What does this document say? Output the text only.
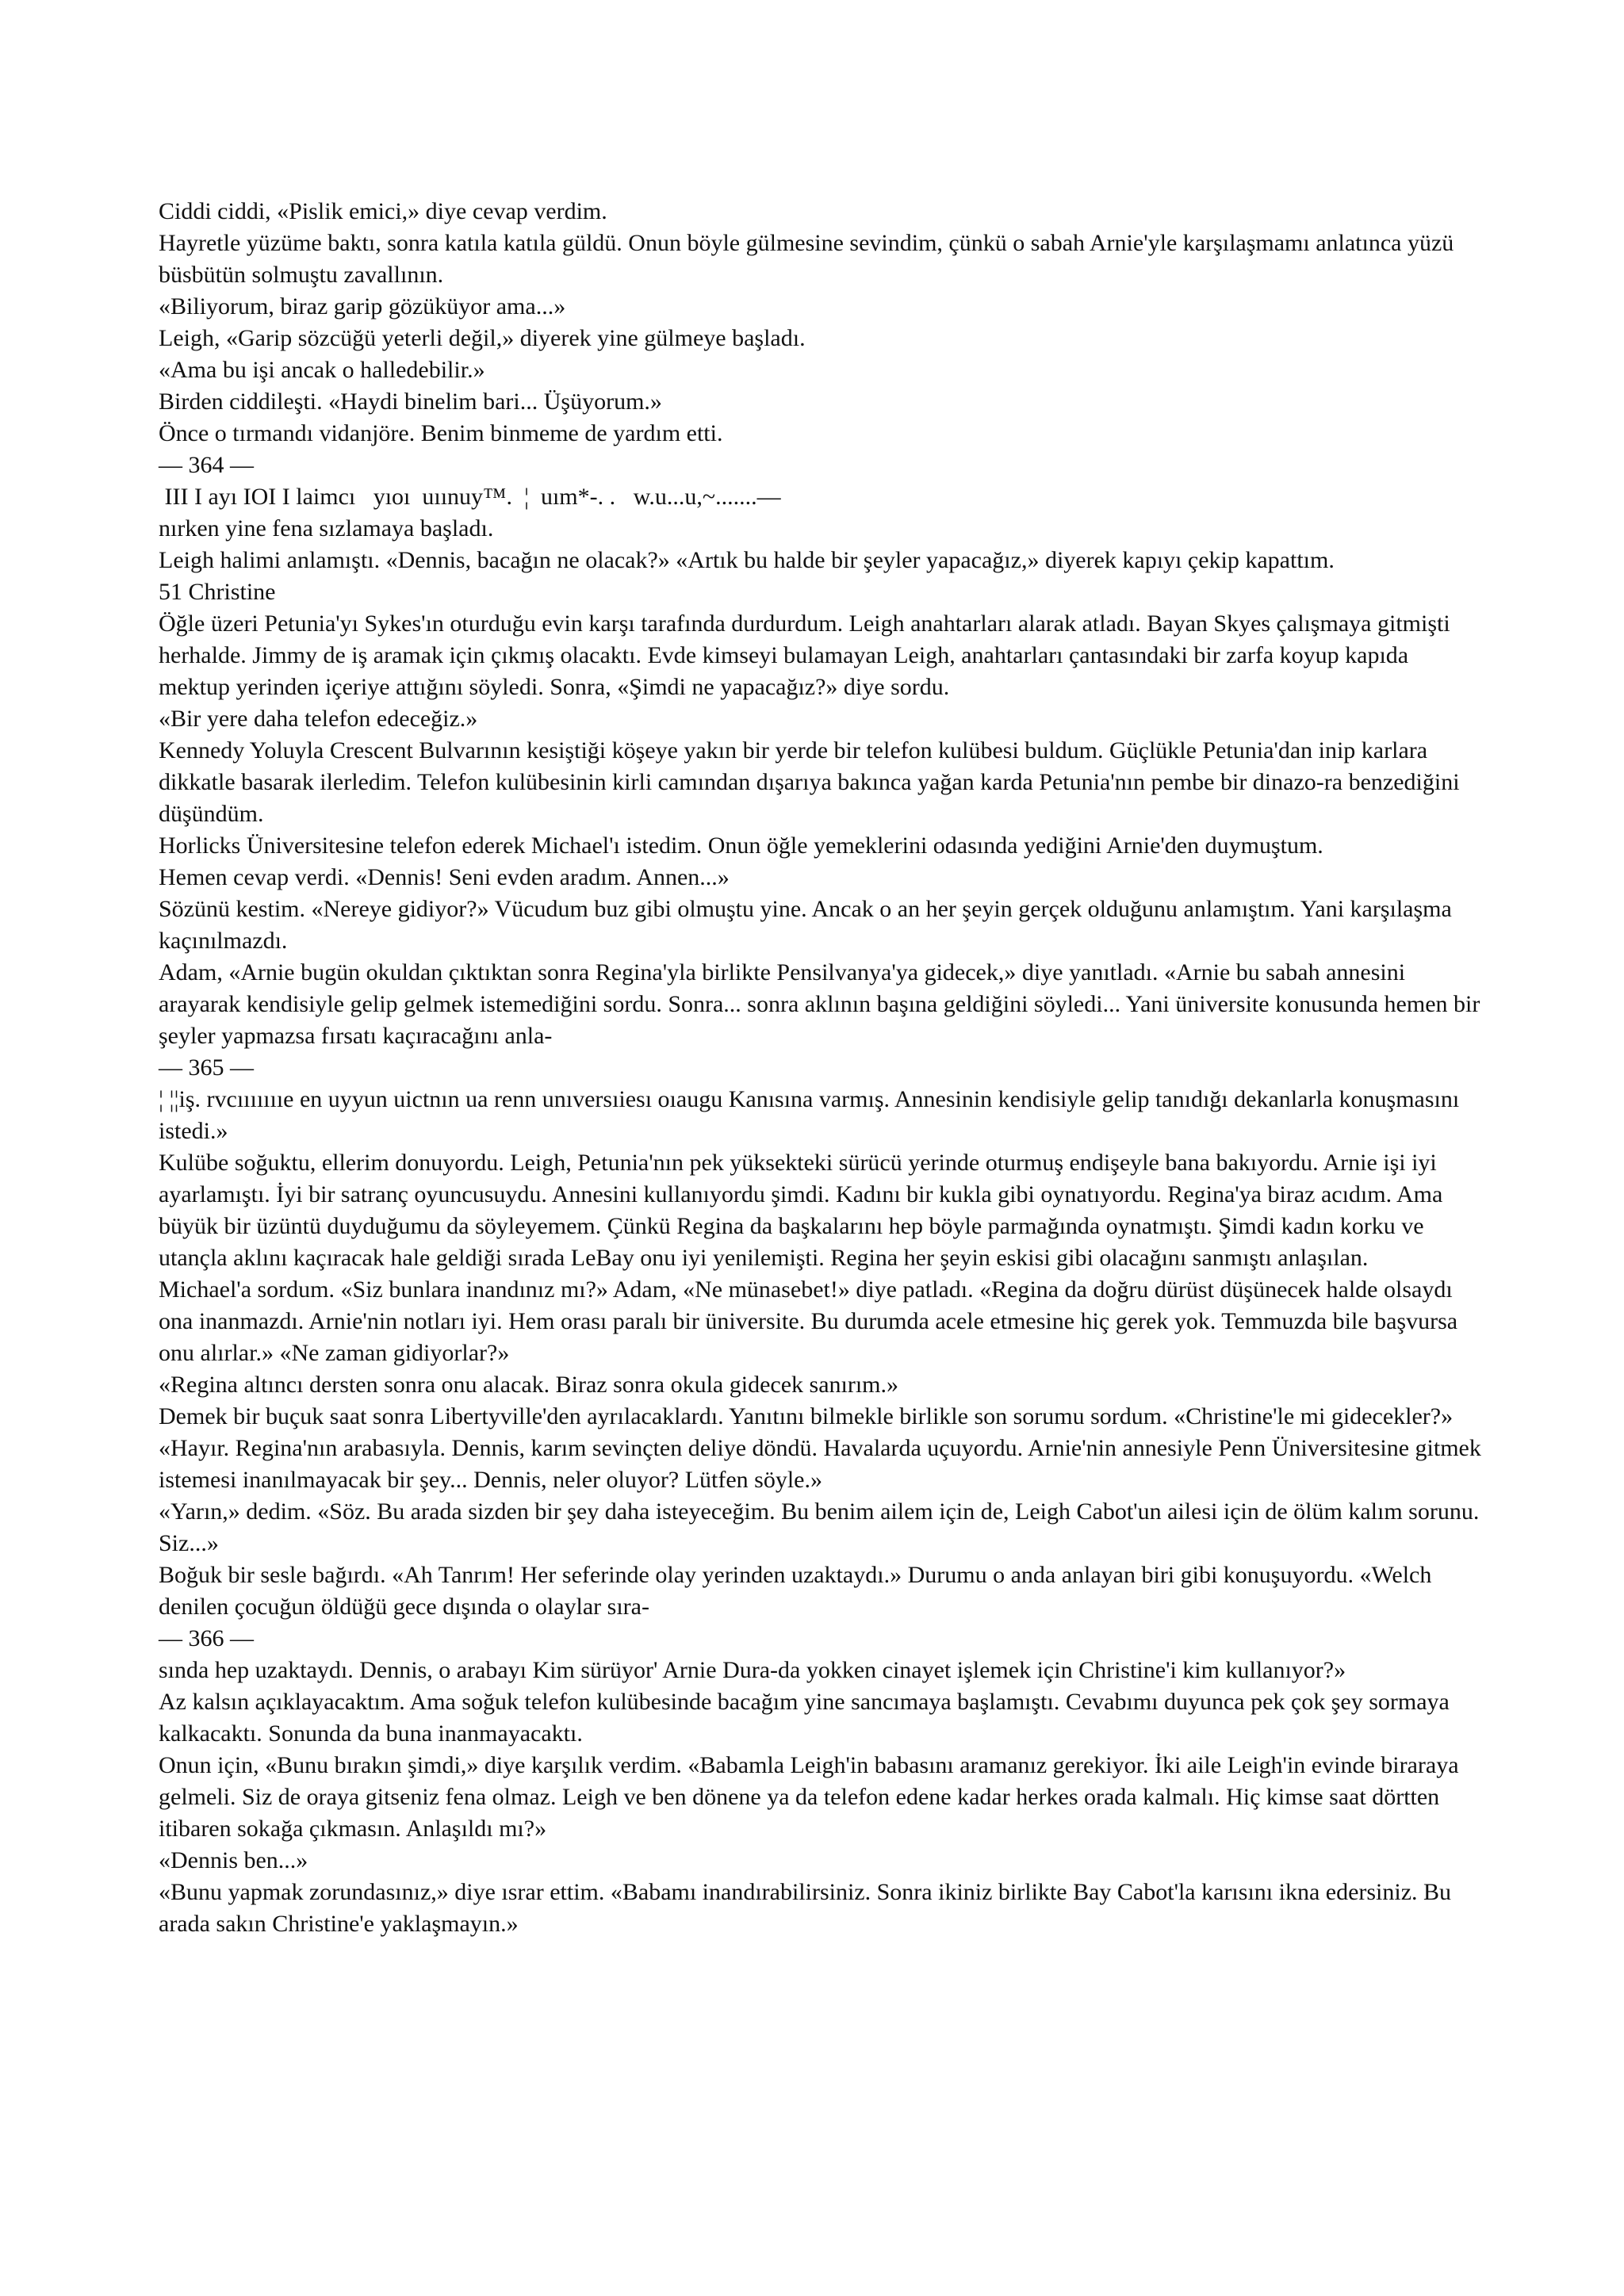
Ciddi ciddi, «Pislik emici,» diye cevap verdim.

Hayretle yüzüme baktı, sonra katıla katıla güldü. Onun böyle gülmesine sevindim, çünkü o sabah Arnie'yle karşılaşmamı anlatınca yüzü büsbütün solmuştu zavallının.

«Biliyorum, biraz garip gözüküyor ama...»

Leigh, «Garip sözcüğü yeterli değil,» diyerek yine gülmeye başladı.

«Ama bu işi ancak o halledebilir.»

Birden ciddileşti. «Haydi binelim bari... Üşüyorum.»

Önce o tırmandı vidanjöre. Benim binmeme de yardım etti.

— 364 —

III I ayı IOI I laimcı   yıoı  uıınuy™.  ¦  uım*-. .   w.u...u,~.......—

nırken yine fena sızlamaya başladı.

Leigh halimi anlamıştı. «Dennis, bacağın ne olacak?» «Artık bu halde bir şeyler yapacağız,» diyerek kapıyı çekip kapattım.

51 Christine

Öğle üzeri Petunia'yı Sykes'ın oturduğu evin karşı tarafında durdurdum. Leigh anahtarları alarak atladı. Bayan Skyes çalışmaya gitmişti herhalde. Jimmy de iş aramak için çıkmış olacaktı. Evde kimseyi bulamayan Leigh, anahtarları çantasındaki bir zarfa koyup kapıda mektup yerinden içeriye attığını söyledi. Sonra, «Şimdi ne yapacağız?» diye sordu.

«Bir yere daha telefon edeceğiz.»

Kennedy Yoluyla Crescent Bulvarının kesiştiği köşeye yakın bir yerde bir telefon kulübesi buldum. Güçlükle Petunia'dan inip karlara dikkatle basarak ilerledim. Telefon kulübesinin kirli camından dışarıya bakınca yağan karda Petunia'nın pembe bir dinazo-ra benzediğini düşündüm.

Horlicks Üniversitesine telefon ederek Michael'ı istedim. Onun öğle yemeklerini odasında yediğini Arnie'den duymuştum.

Hemen cevap verdi. «Dennis! Seni evden aradım. Annen...»

Sözünü kestim. «Nereye gidiyor?» Vücudum buz gibi olmuştu yine. Ancak o an her şeyin gerçek olduğunu anlamıştım. Yani karşılaşma kaçınılmazdı.

Adam, «Arnie bugün okuldan çıktıktan sonra Regina'yla birlikte Pensilvanya'ya gidecek,» diye yanıtladı. «Arnie bu sabah annesini arayarak kendisiyle gelip gelmek istemediğini sordu. Sonra... sonra aklının başına geldiğini söyledi... Yani üniversite konusunda hemen bir şeyler yapmazsa fırsatı kaçıracağını anla-

— 365 —

¦ ¦¦iş. rvcıııııııe en uyyun uictnın ua renn unıversıiesı oıaugu Kanısına varmış. Annesinin kendisiyle gelip tanıdığı dekanlarla konuşmasını istedi.»

Kulübe soğuktu, ellerim donuyordu. Leigh, Petunia'nın pek yüksekteki sürücü yerinde oturmuş endişeyle bana bakıyordu. Arnie işi iyi ayarlamıştı. İyi bir satranç oyuncusuydu. Annesini kullanıyordu şimdi. Kadını bir kukla gibi oynatıyordu. Regina'ya biraz acıdım. Ama büyük bir üzüntü duyduğumu da söyleyemem. Çünkü Regina da başkalarını hep böyle parmağında oynatmıştı. Şimdi kadın korku ve utançla aklını kaçıracak hale geldiği sırada LeBay onu iyi yenilemişti. Regina her şeyin eskisi gibi olacağını sanmıştı anlaşılan.

Michael'a sordum. «Siz bunlara inandınız mı?» Adam, «Ne münasebet!» diye patladı. «Regina da doğru dürüst düşünecek halde olsaydı ona inanmazdı. Arnie'nin notları iyi. Hem orası paralı bir üniversite. Bu durumda acele etmesine hiç gerek yok. Temmuzda bile başvursa onu alırlar.» «Ne zaman gidiyorlar?»

«Regina altıncı dersten sonra onu alacak. Biraz sonra okula gidecek sanırım.»

Demek bir buçuk saat sonra Libertyville'den ayrılacaklardı. Yanıtını bilmekle birlikle son sorumu sordum. «Christine'le mi gidecekler?»

«Hayır. Regina'nın arabasıyla. Dennis, karım sevinçten deliye döndü. Havalarda uçuyordu. Arnie'nin annesiyle Penn Üniversitesine gitmek istemesi inanılmayacak bir şey... Dennis, neler oluyor? Lütfen söyle.»

«Yarın,» dedim. «Söz. Bu arada sizden bir şey daha isteyeceğim. Bu benim ailem için de, Leigh Cabot'un ailesi için de ölüm kalım sorunu. Siz...»

Boğuk bir sesle bağırdı. «Ah Tanrım! Her seferinde olay yerinden uzaktaydı.» Durumu o anda anlayan biri gibi konuşuyordu. «Welch denilen çocuğun öldüğü gece dışında o olaylar sıra-

— 366 —

sında hep uzaktaydı. Dennis, o arabayı Kim sürüyor' Arnie Dura-da yokken cinayet işlemek için Christine'i kim kullanıyor?»

Az kalsın açıklayacaktım. Ama soğuk telefon kulübesinde bacağım yine sancımaya başlamıştı. Cevabımı duyunca pek çok şey sormaya kalkacaktı. Sonunda da buna inanmayacaktı.

Onun için, «Bunu bırakın şimdi,» diye karşılık verdim. «Babamla Leigh'in babasını aramanız gerekiyor. İki aile Leigh'in evinde biraraya gelmeli. Siz de oraya gitseniz fena olmaz. Leigh ve ben dönene ya da telefon edene kadar herkes orada kalmalı. Hiç kimse saat dörtten itibaren sokağa çıkmasın. Anlaşıldı mı?»

«Dennis ben...»

«Bunu yapmak zorundasınız,» diye ısrar ettim. «Babamı inandırabilirsiniz. Sonra ikiniz birlikte Bay Cabot'la karısını ikna edersiniz. Bu arada sakın Christine'e yaklaşmayın.»
